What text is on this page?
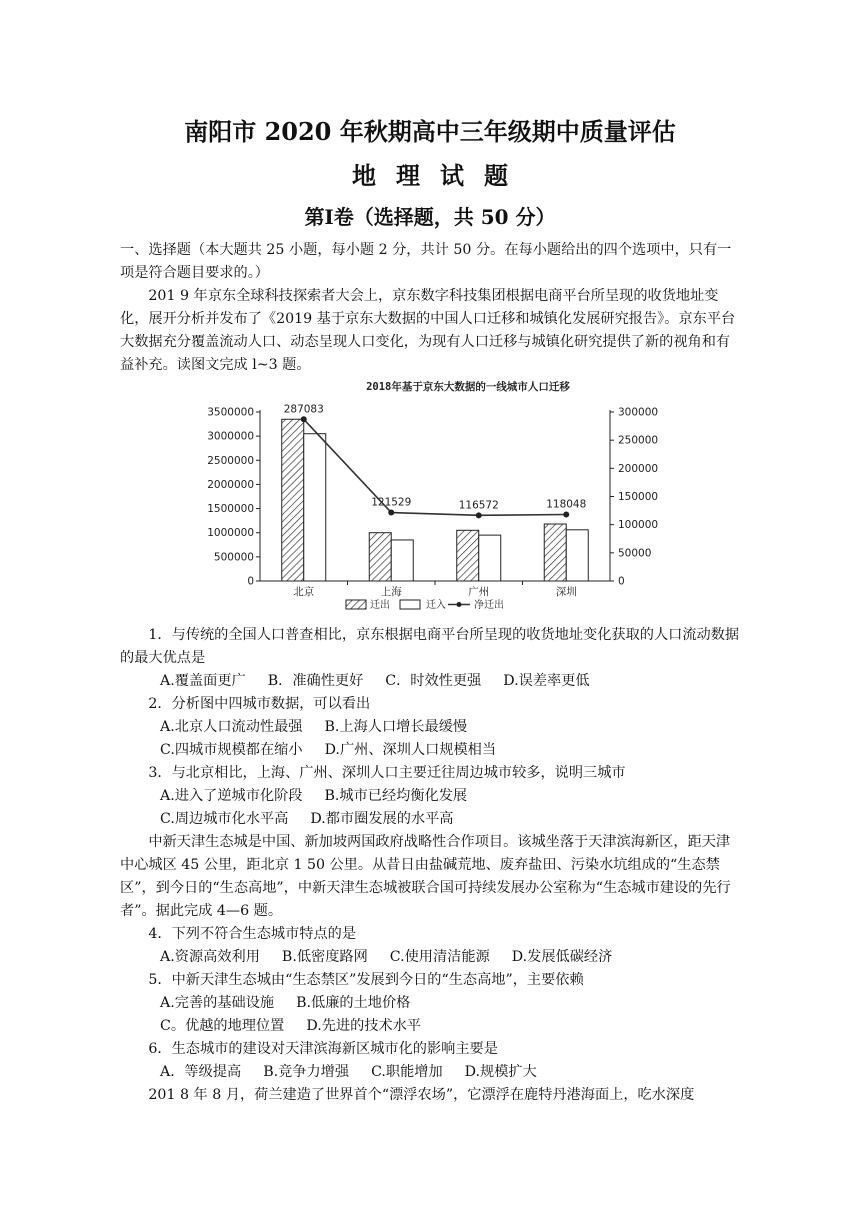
南阳市 2020 年秋期高中三年级期中质量评估
地理试题
第Ⅰ卷（选择题，共 50 分）

一、选择题（本大题共 25 小题，每小题 2 分，共计 50 分。在每小题给出的四个选项中，只有一项是符合题目要求的。）

201 9 年京东全球科技探索者大会上，京东数字科技集团根据电商平台所呈现的收货地址变化，展开分析并发布了《2019 基于京东大数据的中国人口迁移和城镇化发展研究报告》。京东平台大数据充分覆盖流动人口、动态呈现人口变化，为现有人口迁移与城镇化研究提供了新的视角和有益补充。读图文完成 l~3 题。

2018年基于京东大数据的一线城市人口迁移
0
500000
1000000
1500000
2000000
2500000
3000000
3500000
0
50000
100000
150000
200000
250000
300000
北京	上海	广州	深圳
287083
121529	116572	118048
迁出	迁入	净迁出

1．与传统的全国人口普查相比，京东根据电商平台所呈现的收货地址变化获取的人口流动数据的最大优点是

A.覆盖面更广 B．准确性更好 C．时效性更强 D.误差率更低

2．分析图中四城市数据，可以看出

A.北京人口流动性最强 B.上海人口增长最缓慢

C.四城市规模都在缩小 D.广州、深圳人口规模相当

3．与北京相比，上海、广州、深圳人口主要迁往周边城市较多，说明三城市

A.进入了逆城市化阶段 B.城市已经均衡化发展

C.周边城市化水平高 D.都市圈发展的水平高

中新天津生态城是中国、新加坡两国政府战略性合作项目。该城坐落于天津滨海新区，距天津中心城区 45 公里，距北京 1 50 公里。从昔日由盐碱荒地、废弃盐田、污染水坑组成的“生态禁区”，到今日的“生态高地”，中新天津生态城被联合国可持续发展办公室称为“生态城市建设的先行者”。据此完成 4—6 题。

4．下列不符合生态城市特点的是

A.资源高效利用 B.低密度路网 C.使用清洁能源 D.发展低碳经济

5．中新天津生态城由“生态禁区”发展到今日的“生态高地”，主要依赖

A.完善的基础设施 B.低廉的土地价格

C。优越的地理位置 D.先进的技术水平

6．生态城市的建设对天津滨海新区城市化的影响主要是

A．等级提高 B.竞争力增强 C.职能增加 D.规模扩大

201 8 年 8 月，荷兰建造了世界首个“漂浮农场”，它漂浮在鹿特丹港海面上，吃水深度
